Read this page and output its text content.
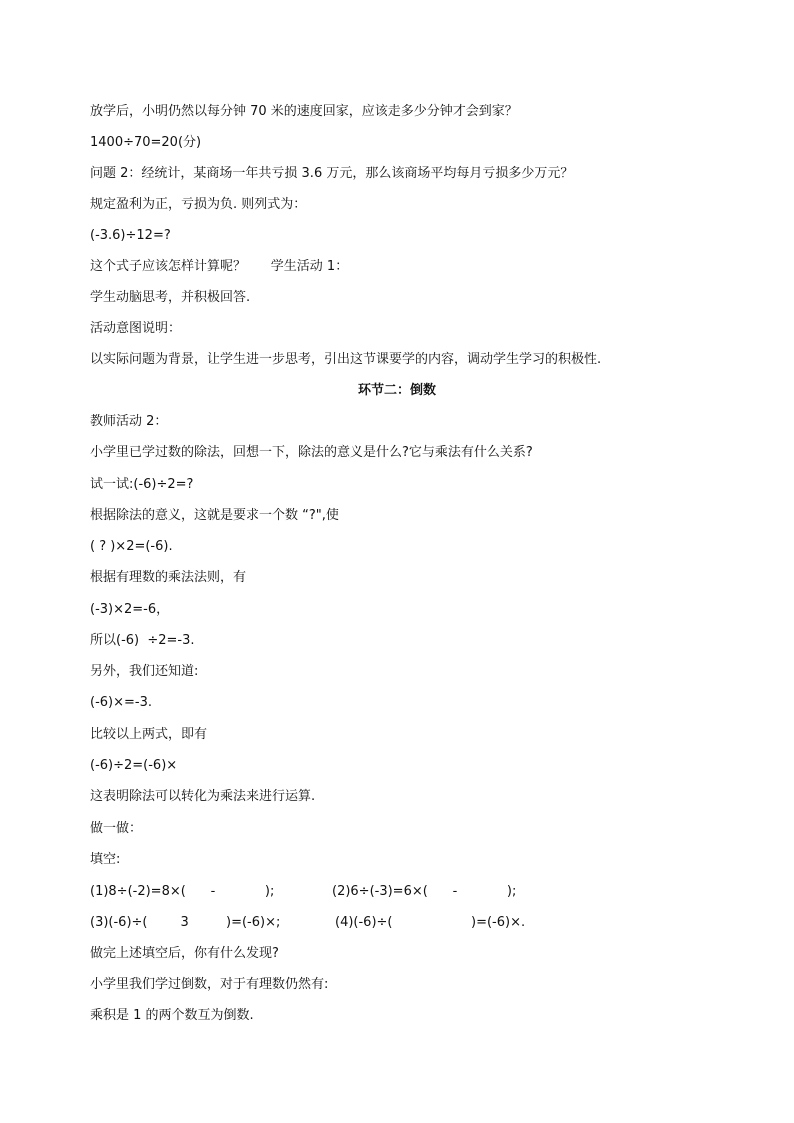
放学后，小明仍然以每分钟 70 米的速度回家，应该走多少分钟才会到家？
1400÷70=20(分)
问题 2：经统计，某商场一年共亏损 3.6 万元，那么该商场平均每月亏损多少万元？
规定盈利为正，亏损为负. 则列式为：
(-3.6)÷12=?
这个式子应该怎样计算呢？      学生活动 1：
学生动脑思考，并积极回答.
活动意图说明：
以实际问题为背景，让学生进一步思考，引出这节课要学的内容，调动学生学习的积极性.
环节二：倒数
教师活动 2：
小学里已学过数的除法，回想一下，除法的意义是什么?它与乘法有什么关系?
试一试:(-6)÷2=?
根据除法的意义，这就是要求一个数 “?",使
( ? )×2=(-6).
根据有理数的乘法法则，有
(-3)×2=-6，
所以(-6)  ÷2=-3.
另外，我们还知道:
(-6)×=-3.
比较以上两式，即有
(-6)÷2=(-6)×
这表明除法可以转化为乘法来进行运算.
做一做：
填空:
(1)8÷(-2)=8×(      -            );	(2)6÷(-3)=6×(      -            );
(3)(-6)÷(        3         )=(-6)×;	(4)(-6)÷(                   )=(-6)×.
做完上述填空后，你有什么发现?
小学里我们学过倒数，对于有理数仍然有:
乘积是 1 的两个数互为倒数.
